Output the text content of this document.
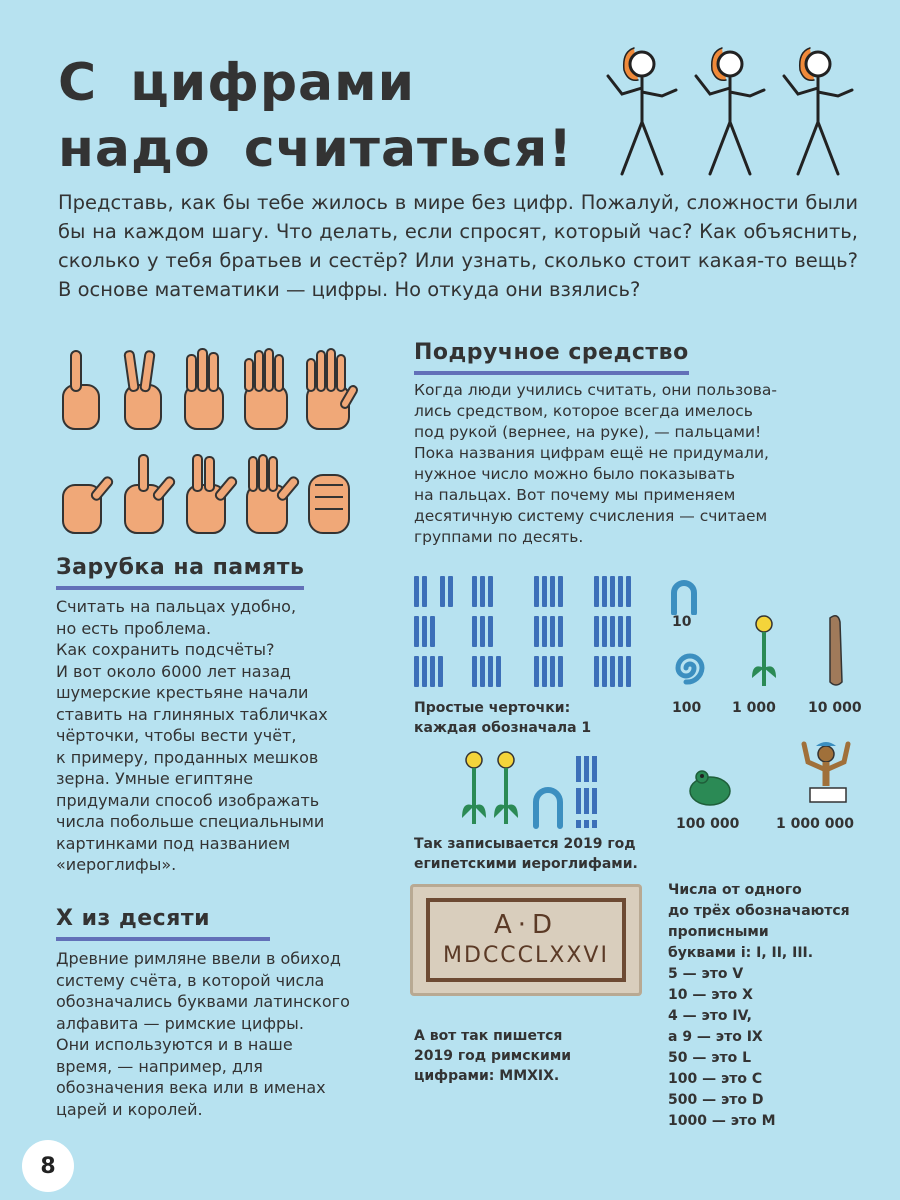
С цифрами
надо считаться!
Представь, как бы тебе жилось в мире без цифр. Пожалуй, сложности были бы на каждом шагу. Что делать, если спросят, который час? Как объяснить, сколько у тебя братьев и сестёр? Или узнать, сколько стоит какая-то вещь? В основе математики — цифры. Но откуда они взялись?
Подручное средство
Когда люди учились считать, они пользова-
лись средством, которое всегда имелось
под рукой (вернее, на руке), — пальцами!
Пока названия цифрам ещё не придумали,
нужное число можно было показывать
на пальцах. Вот почему мы применяем
десятичную систему счисления — считаем
группами по десять.
Зарубка на память
Считать на пальцах удобно,
но есть проблема.
Как сохранить подсчёты?
И вот около 6000 лет назад
шумерские крестьяне начали
ставить на глиняных табличках
чёрточки, чтобы вести учёт,
к примеру, проданных мешков
зерна. Умные египтяне
придумали способ изображать
числа побольше специальными
картинками под названием
«иероглифы».
Простые черточки:
каждая обозначала 1
10
100 1 000 10 000
Так записывается 2019 год
египетскими иероглифами.
100 000	1 000 000
A·D
MDCCCLXXVI
А вот так пишется
2019 год римскими
цифрами: MMXIX.
Числа от одного
до трёх обозначаются
прописными
буквами i: I, II, III.
5 — это V
10 — это X
4 — это IV,
а 9 — это IX
50 — это L
100 — это C
500 — это D
1000 — это M
Х из десяти
Древние римляне ввели в обиход
систему счёта, в которой числа
обозначались буквами латинского
алфавита — римские цифры.
Они используются и в наше
время, — например, для
обозначения века или в именах
царей и королей.
8
